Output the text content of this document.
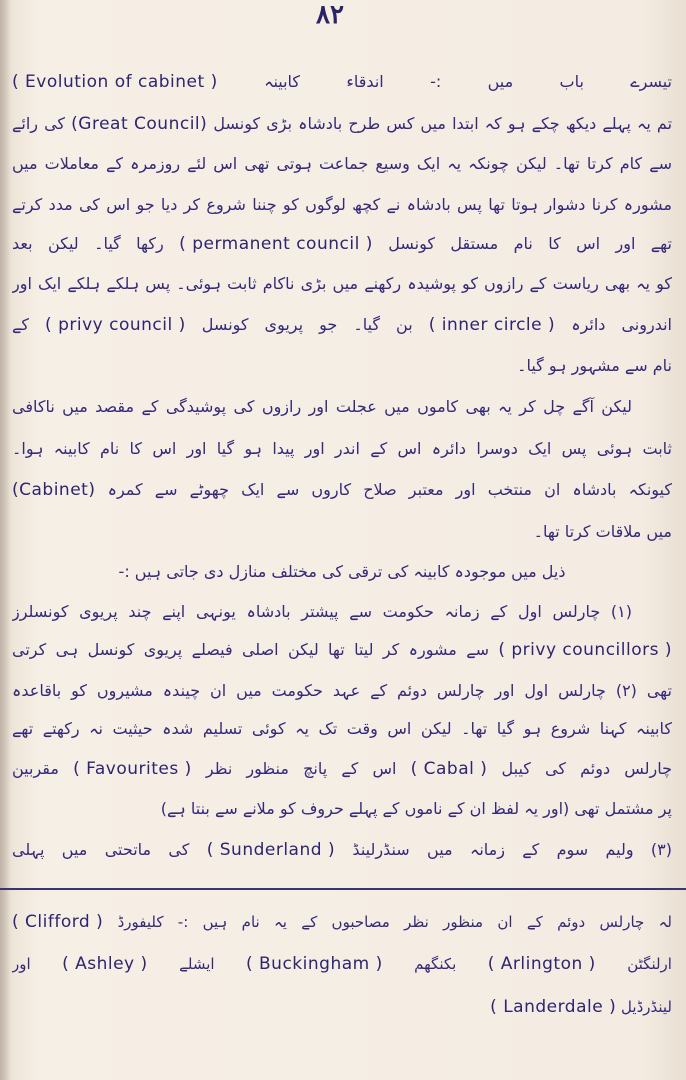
۸۲
تیسرے باب میں :- اندقاء کابینہ ( Evolution of cabinet )
تم یہ پہلے دیکھ چکے ہو کہ ابتدا میں کس طرح بادشاہ بڑی کونسل (Great Council) کی رائے
سے کام کرتا تھا۔ لیکن چونکہ یہ ایک وسیع جماعت ہوتی تھی اس لئے روزمرہ کے معاملات میں
مشورہ کرنا دشوار ہوتا تھا پس بادشاہ نے کچھ لوگوں کو چننا شروع کر دیا جو اس کی مدد کرتے
تھے اور اس کا نام مستقل کونسل ( permanent council ) رکھا گیا۔ لیکن بعد
کو یہ بھی ریاست کے رازوں کو پوشیدہ رکھنے میں بڑی ناکام ثابت ہوئی۔ پس ہلکے ہلکے ایک اور
اندرونی دائرہ ( inner circle ) بن گیا۔ جو پریوی کونسل ( privy council ) کے
نام سے مشہور ہو گیا۔
لیکن آگے چل کر یہ بھی کاموں میں عجلت اور رازوں کی پوشیدگی کے مقصد میں ناکافی
ثابت ہوئی پس ایک دوسرا دائرہ اس کے اندر اور پیدا ہو گیا اور اس کا نام کابینہ ہوا۔
کیونکہ بادشاہ ان منتخب اور معتبر صلاح کاروں سے ایک چھوٹے سے کمرہ (Cabinet)
میں ملاقات کرتا تھا۔
ذیل میں موجودہ کابینہ کی ترقی کی مختلف منازل دی جاتی ہیں :-
(۱) چارلس اول کے زمانہ حکومت سے پیشتر بادشاہ یونہی اپنے چند پریوی کونسلرز
( privy councillors ) سے مشورہ کر لیتا تھا لیکن اصلی فیصلے پریوی کونسل ہی کرتی
تھی (۲) چارلس اول اور چارلس دوئم کے عہد حکومت میں ان چیندہ مشیروں کو باقاعدہ
کابینہ کہنا شروع ہو گیا تھا۔ لیکن اس وقت تک یہ کوئی تسلیم شدہ حیثیت نہ رکھتے تھے
چارلس دوئم کی کیبل ( Cabal ) اس کے پانچ منظور نظر ( Favourites ) مقربین
پر مشتمل تھی (اور یہ لفظ ان کے ناموں کے پہلے حروف کو ملانے سے بنتا ہے)
(۳) ولیم سوم کے زمانہ میں سنڈرلینڈ ( Sunderland ) کی ماتحتی میں پہلی
لہ چارلس دوئم کے ان منظور نظر مصاحبوں کے یہ نام ہیں :- کلیفورڈ ( Clifford )
ارلنگٹن ( Arlington ) بکنگھم ( Buckingham ) ایشلے ( Ashley ) اور
لینڈرڈیل ( Landerdale )
